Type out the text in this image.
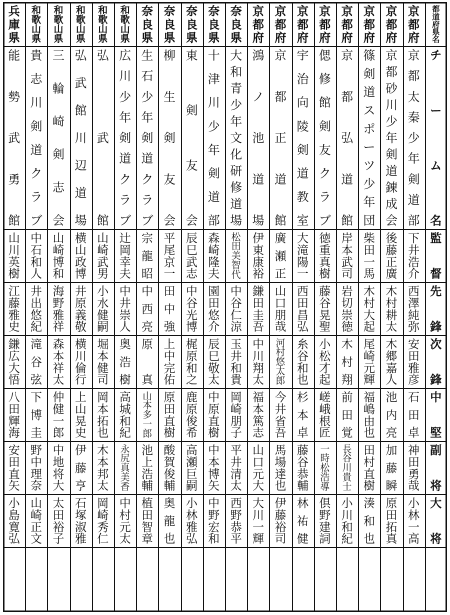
都道府県名
チーム名
監督
先鋒
次鋒
中堅
副将
大将
京都府
京都太秦少年剣道部
下井浩介
西澤純弥
安田雅彦
石田卓
神田勇哉
小林一高
京都府
京都砂川少年剣道錬成会
後藤正廣
木村耕太
木郷嘉人
池内亮
加藤瞬
原田拓真
京都府
篠剣道スポーツ少年団
柴田一馬
木村大起
尾崎元輝
福嶋由也
田村直樹
湊和也
京都府
京都弘道館
岸本武司
岩切崇徳
木村翔
前田覚
長谷川貴士
小川和紀
京都府
偲修館剣友クラブ
徳重真樹
藤谷晃聖
小松才起
嵯峨根匠
一時松浩導
倶野建詞
京都府
宇治向陵剣道教室
大滝陽一
西田昌弘
糸谷和也
杉本卓
藤谷恭輔
林祐健
京都府
京都正道館
廣瀬正
山口朋哉
河村悠太郎
今井省吾
馬場達也
伊藤裕司
京都府
鴻ノ池道場
伊東康裕
鎌田圭吾
中川翔太
福本篤志
山口元大
大川一輝
奈良県
大和青少年文化研修道場
松田美智代
中谷仁涼
玉井和貴
岡崎朋子
平井清太
西野恭平
奈良県
十津川少年剣道部
森崎隆夫
園田悠介
辰巳敬太
中原直樹
中本博矢
中野宏和
奈良県
東剣友会
辰巳武志
中谷光博
梶原和之
鹿原俊希
高瀬巨嗣
小林雅弘
奈良県
柳生剣友会
平尾京一
田中強
上中完佑
原田直樹
酸賀俊輔
奥龍也
奈良県
生石少年剣道クラブ
宗龍昭
中西亮
原真
山本多一郎
池上浩輔
植田智章
和歌山県
広川少年剣道クラブ
辻岡幸夫
中井崇人
奥浩樹
高城和紀
永尻真美香
中村元太
和歌山県
弘武館
山崎武男
小水健嗣
堀本健司
岡本拓也
木本邦太
岡崎秀仁
和歌山県
弘武館川辺道場
横山政博
井原義敬
横川倫行
上山晃史
伊藤亨
石塚淑雅
和歌山県
三輪崎剣志会
山崎博和
海野雅祥
森本祥太
仲健一郎
中地将大
太田裕子
和歌山県
貴志川剣道クラブ
中石和人
井出悠紀
滝谷弦
下博圭
野中理奈
山崎正文
兵庫県
能勢武勇館
山川英樹
江藤雅史
鎌広大悟
八田輝海
安田直矢
小島寛弘
